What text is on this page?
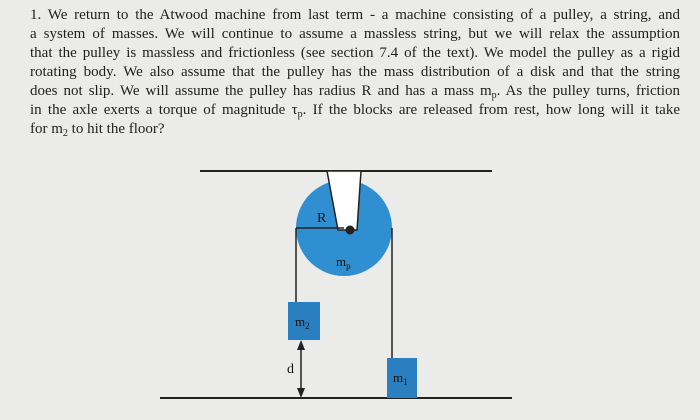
1. We return to the Atwood machine from last term - a machine consisting of a pulley, a string, and
a system of masses. We will continue to assume a massless string, but we will relax the assumption
that the pulley is massless and frictionless (see section 7.4 of the text). We model the pulley as a rigid
rotating body. We also assume that the pulley has the mass distribution of a disk and that the string
does not slip. We will assume the pulley has radius R and has a mass $m_p$. As the pulley turns, friction
in the axle exerts a torque of magnitude $\tau_p$. If the blocks are released from rest, how long will it take
for $m_2$ to hit the floor?
R
$m_p$
$m_2$
$m_1$
d
